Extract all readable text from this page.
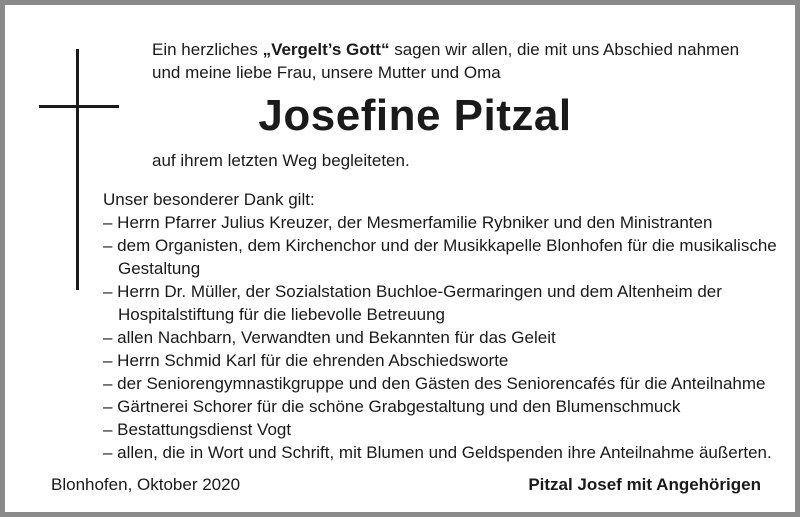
Ein herzliches „Vergelt’s Gott“ sagen wir allen, die mit uns Abschied nahmen
und meine liebe Frau, unsere Mutter und Oma
Josefine Pitzal
auf ihrem letzten Weg begleiteten.
Unser besonderer Dank gilt:
– Herrn Pfarrer Julius Kreuzer, der Mesmerfamilie Rybniker und den Ministranten
– dem Organisten, dem Kirchenchor und der Musikkapelle Blonhofen für die musikalische Gestaltung
– Herrn Dr. Müller, der Sozialstation Buchloe-Germaringen und dem Altenheim der Hospitalstiftung für die liebevolle Betreuung
– allen Nachbarn, Verwandten und Bekannten für das Geleit
– Herrn Schmid Karl für die ehrenden Abschiedsworte
– der Seniorengymnastikgruppe und den Gästen des Seniorencafés für die Anteilnahme
– Gärtnerei Schorer für die schöne Grabgestaltung und den Blumenschmuck
– Bestattungsdienst Vogt
– allen, die in Wort und Schrift, mit Blumen und Geldspenden ihre Anteilnahme äußerten.
Blonhofen, Oktober 2020	Pitzal Josef mit Angehörigen
